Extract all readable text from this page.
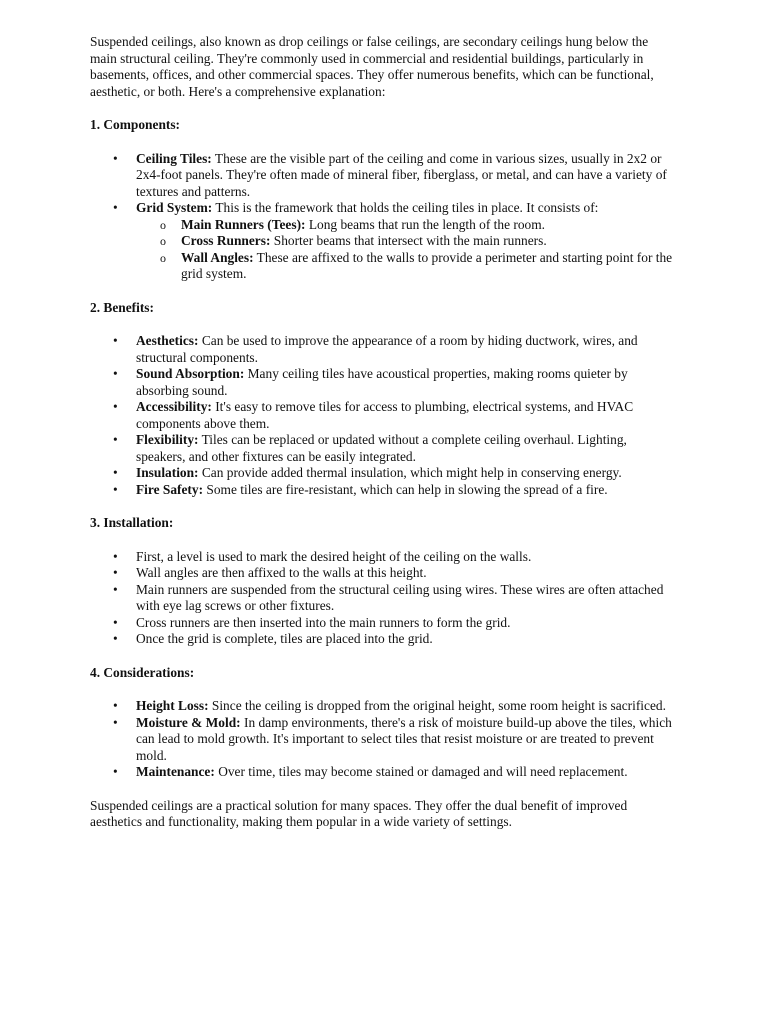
Suspended ceilings, also known as drop ceilings or false ceilings, are secondary ceilings hung below the main structural ceiling. They're commonly used in commercial and residential buildings, particularly in basements, offices, and other commercial spaces. They offer numerous benefits, which can be functional, aesthetic, or both. Here's a comprehensive explanation:

1. Components:

• Ceiling Tiles: These are the visible part of the ceiling and come in various sizes, usually in 2x2 or 2x4-foot panels. They're often made of mineral fiber, fiberglass, or metal, and can have a variety of textures and patterns.
• Grid System: This is the framework that holds the ceiling tiles in place. It consists of:
o Main Runners (Tees): Long beams that run the length of the room.
o Cross Runners: Shorter beams that intersect with the main runners.
o Wall Angles: These are affixed to the walls to provide a perimeter and starting point for the grid system.

2. Benefits:

• Aesthetics: Can be used to improve the appearance of a room by hiding ductwork, wires, and structural components.
• Sound Absorption: Many ceiling tiles have acoustical properties, making rooms quieter by absorbing sound.
• Accessibility: It's easy to remove tiles for access to plumbing, electrical systems, and HVAC components above them.
• Flexibility: Tiles can be replaced or updated without a complete ceiling overhaul. Lighting, speakers, and other fixtures can be easily integrated.
• Insulation: Can provide added thermal insulation, which might help in conserving energy.
• Fire Safety: Some tiles are fire-resistant, which can help in slowing the spread of a fire.

3. Installation:

• First, a level is used to mark the desired height of the ceiling on the walls.
• Wall angles are then affixed to the walls at this height.
• Main runners are suspended from the structural ceiling using wires. These wires are often attached with eye lag screws or other fixtures.
• Cross runners are then inserted into the main runners to form the grid.
• Once the grid is complete, tiles are placed into the grid.

4. Considerations:

• Height Loss: Since the ceiling is dropped from the original height, some room height is sacrificed.
• Moisture & Mold: In damp environments, there's a risk of moisture build-up above the tiles, which can lead to mold growth. It's important to select tiles that resist moisture or are treated to prevent mold.
• Maintenance: Over time, tiles may become stained or damaged and will need replacement.

Suspended ceilings are a practical solution for many spaces. They offer the dual benefit of improved aesthetics and functionality, making them popular in a wide variety of settings.
